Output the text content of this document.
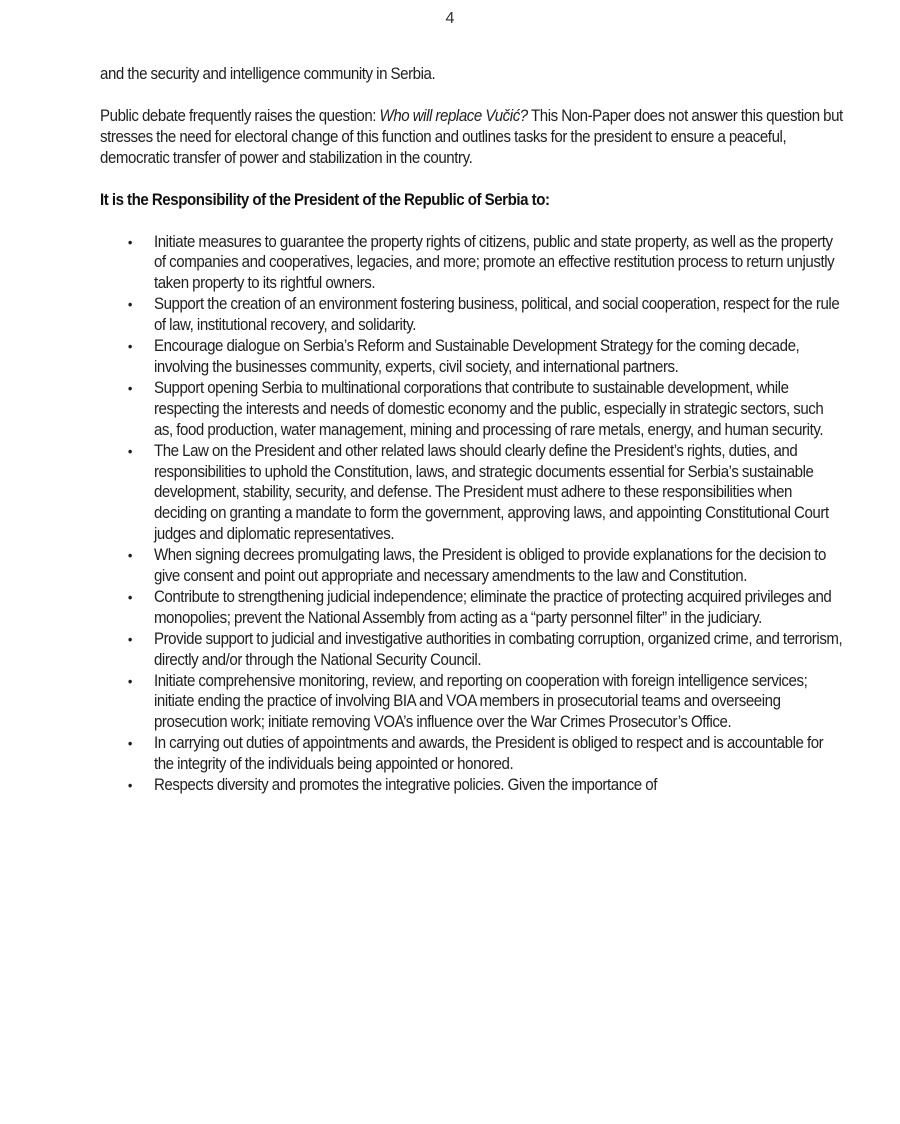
4

and the security and intelligence community in Serbia.

Public debate frequently raises the question: Who will replace Vučić? This Non-Paper does not answer this question but stresses the need for electoral change of this function and outlines tasks for the president to ensure a peaceful, democratic transfer of power and stabilization in the country.

It is the Responsibility of the President of the Republic of Serbia to:

•	Initiate measures to guarantee the property rights of citizens, public and state property, as well as the property of companies and cooperatives, legacies, and more; promote an effective restitution process to return unjustly taken property to its rightful owners.
•	Support the creation of an environment fostering business, political, and social cooperation, respect for the rule of law, institutional recovery, and solidarity.
•	Encourage dialogue on Serbia’s Reform and Sustainable Development Strategy for the coming decade, involving the businesses community, experts, civil society, and international partners.
•	Support opening Serbia to multinational corporations that contribute to sustainable development, while respecting the interests and needs of domestic economy and the public, especially in strategic sectors, such as, food production, water management, mining and processing of rare metals, energy, and human security.
•	The Law on the President and other related laws should clearly define the President’s rights, duties, and responsibilities to uphold the Constitution, laws, and strategic documents essential for Serbia’s sustainable development, stability, security, and defense. The President must adhere to these responsibilities when deciding on granting a mandate to form the government, approving laws, and appointing Constitutional Court judges and diplomatic representatives.
•	When signing decrees promulgating laws, the President is obliged to provide explanations for the decision to give consent and point out appropriate and necessary amendments to the law and Constitution.
•	Contribute to strengthening judicial independence; eliminate the practice of protecting acquired privileges and monopolies; prevent the National Assembly from acting as a “party personnel filter” in the judiciary.
•	Provide support to judicial and investigative authorities in combating corruption, organized crime, and terrorism, directly and/or through the National Security Council.
•	Initiate comprehensive monitoring, review, and reporting on cooperation with foreign intelligence services; initiate ending the practice of involving BIA and VOA members in prosecutorial teams and overseeing prosecution work; initiate removing VOA’s influence over the War Crimes Prosecutor’s Office.
•	In carrying out duties of appointments and awards, the President is obliged to respect and is accountable for the integrity of the individuals being appointed or honored.
•	Respects diversity and promotes the integrative policies. Given the importance of
